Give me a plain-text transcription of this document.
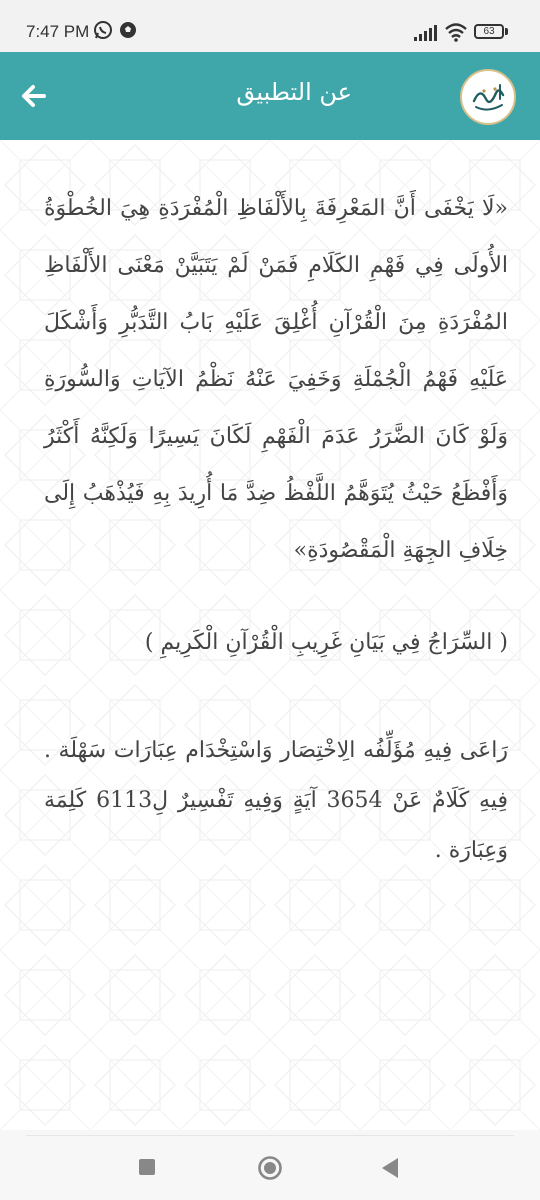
7:47 PM	63
عن التطبيق
«لَا يَخْفَى أَنَّ المَعْرِفَةَ بِالأَلْفَاظِ الْمُفْرَدَةِ هِيَ الخُطْوَةُ الأُولَى فِي فَهْمِ الكَلَامِ فَمَنْ لَمْ يَتَبَيَّنْ مَعْنَى الأَلْفَاظِ المُفْرَدَةِ مِنَ الْقُرْآنِ أُغْلِقَ عَلَيْهِ بَابُ التَّدَبُّرِ وَأَشْكَلَ عَلَيْهِ فَهْمُ الْجُمْلَةِ وَخَفِيَ عَنْهُ نَظْمُ الآيَاتِ وَالسُّورَةِ وَلَوْ كَانَ الضَّرَرُ عَدَمَ الْفَهْمِ لَكَانَ يَسِيرًا وَلَكِنَّهُ أَكْثَرُ وَأَفْظَعُ حَيْثُ يُتَوَهَّمُ اللَّفْظُ ضِدَّ مَا أُرِيدَ بِهِ فَيُذْهَبُ إِلَى خِلَافِ الجِهَةِ الْمَقْصُودَةِ»
( السِّرَاجُ فِي بَيَانِ غَرِيبِ الْقُرْآنِ الْكَرِيمِ )
رَاعَى فِيهِ مُؤَلِّفُه الِاخْتِصَار وَاسْتِخْدَام عِبَارَات سَهْلَة . فِيهِ كَلَامٌ عَنْ 3654 آيَةٍ وَفِيهِ تَفْسِيرٌ لِ6113 كَلِمَة وَعِبَارَة .
